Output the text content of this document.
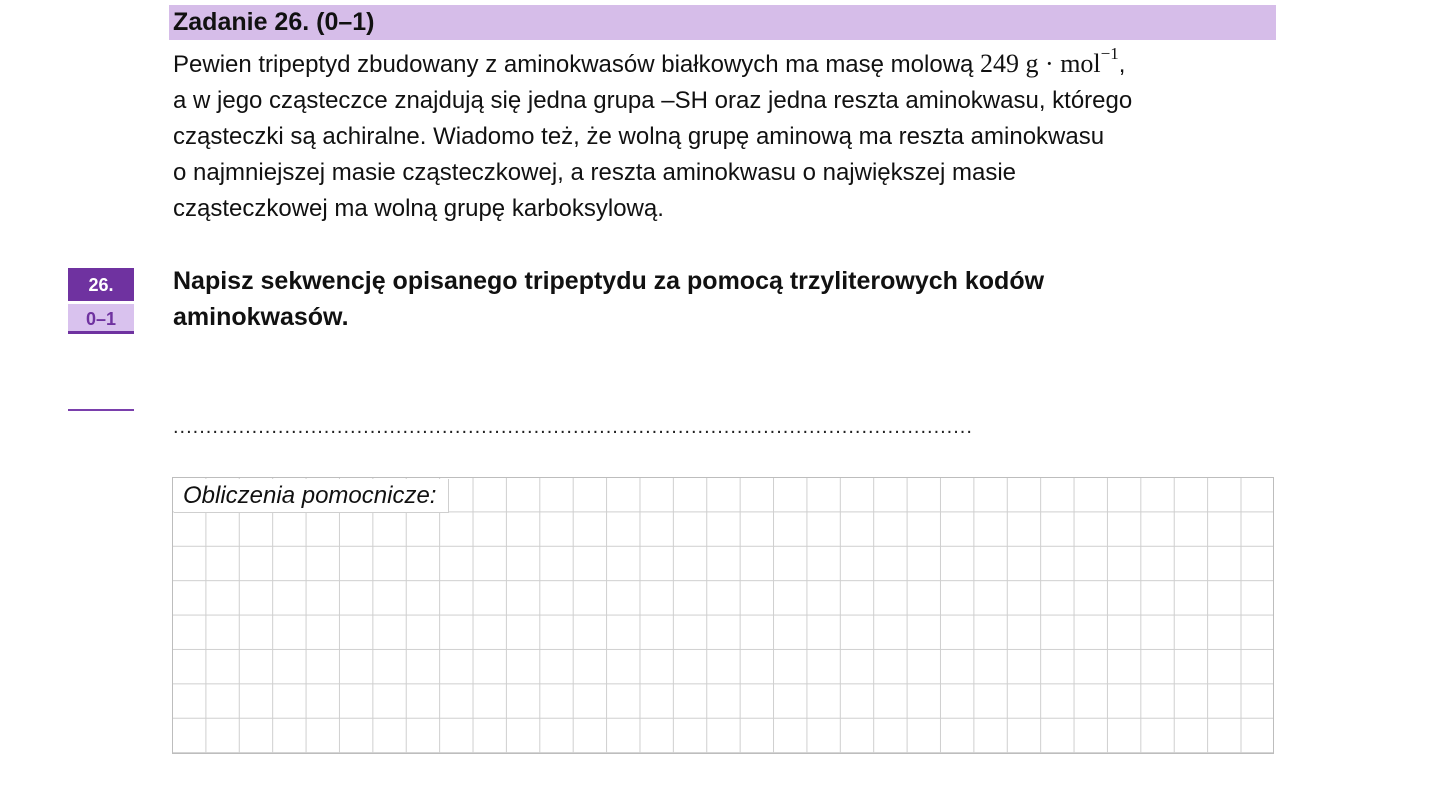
Zadanie 26. (0–1)
Pewien tripeptyd zbudowany z aminokwasów białkowych ma masę molową 249 g · mol$^{-1}$,
a w jego cząsteczce znajdują się jedna grupa –SH oraz jedna reszta aminokwasu, którego
cząsteczki są achiralne. Wiadomo też, że wolną grupę aminową ma reszta aminokwasu
o najmniejszej masie cząsteczkowej, a reszta aminokwasu o największej masie
cząsteczkowej ma wolną grupę karboksylową.
26.
0–1
Napisz sekwencję opisanego tripeptydu za pomocą trzyliterowych kodów
aminokwasów.
..........................................................................................................................
Obliczenia pomocnicze:
